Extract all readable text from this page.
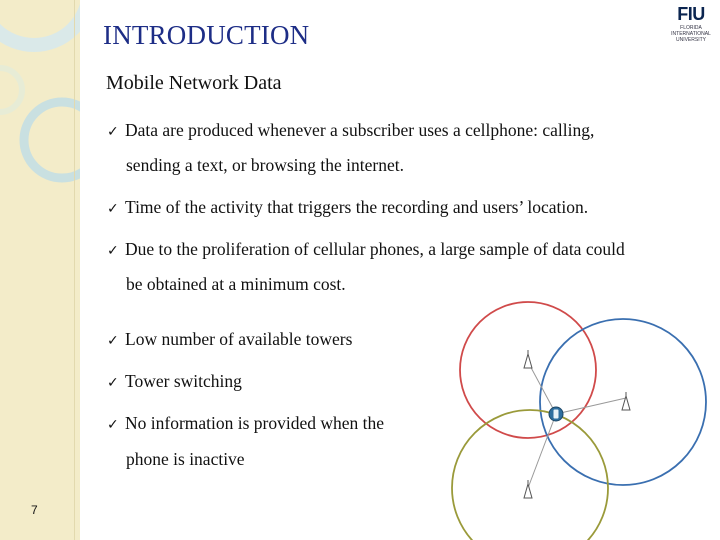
INTRODUCTION
FIU
FLORIDA
INTERNATIONAL
UNIVERSITY
Mobile Network Data
✓ Data are produced whenever a subscriber uses a cellphone: calling,
sending a text, or browsing the internet.
✓ Time of the activity that triggers the recording and users’ location.
✓ Due to the proliferation of cellular phones, a large sample of data could
be obtained at a minimum cost.
✓ Low number of available towers
✓ Tower switching
✓ No information is provided when the
phone is inactive
7
